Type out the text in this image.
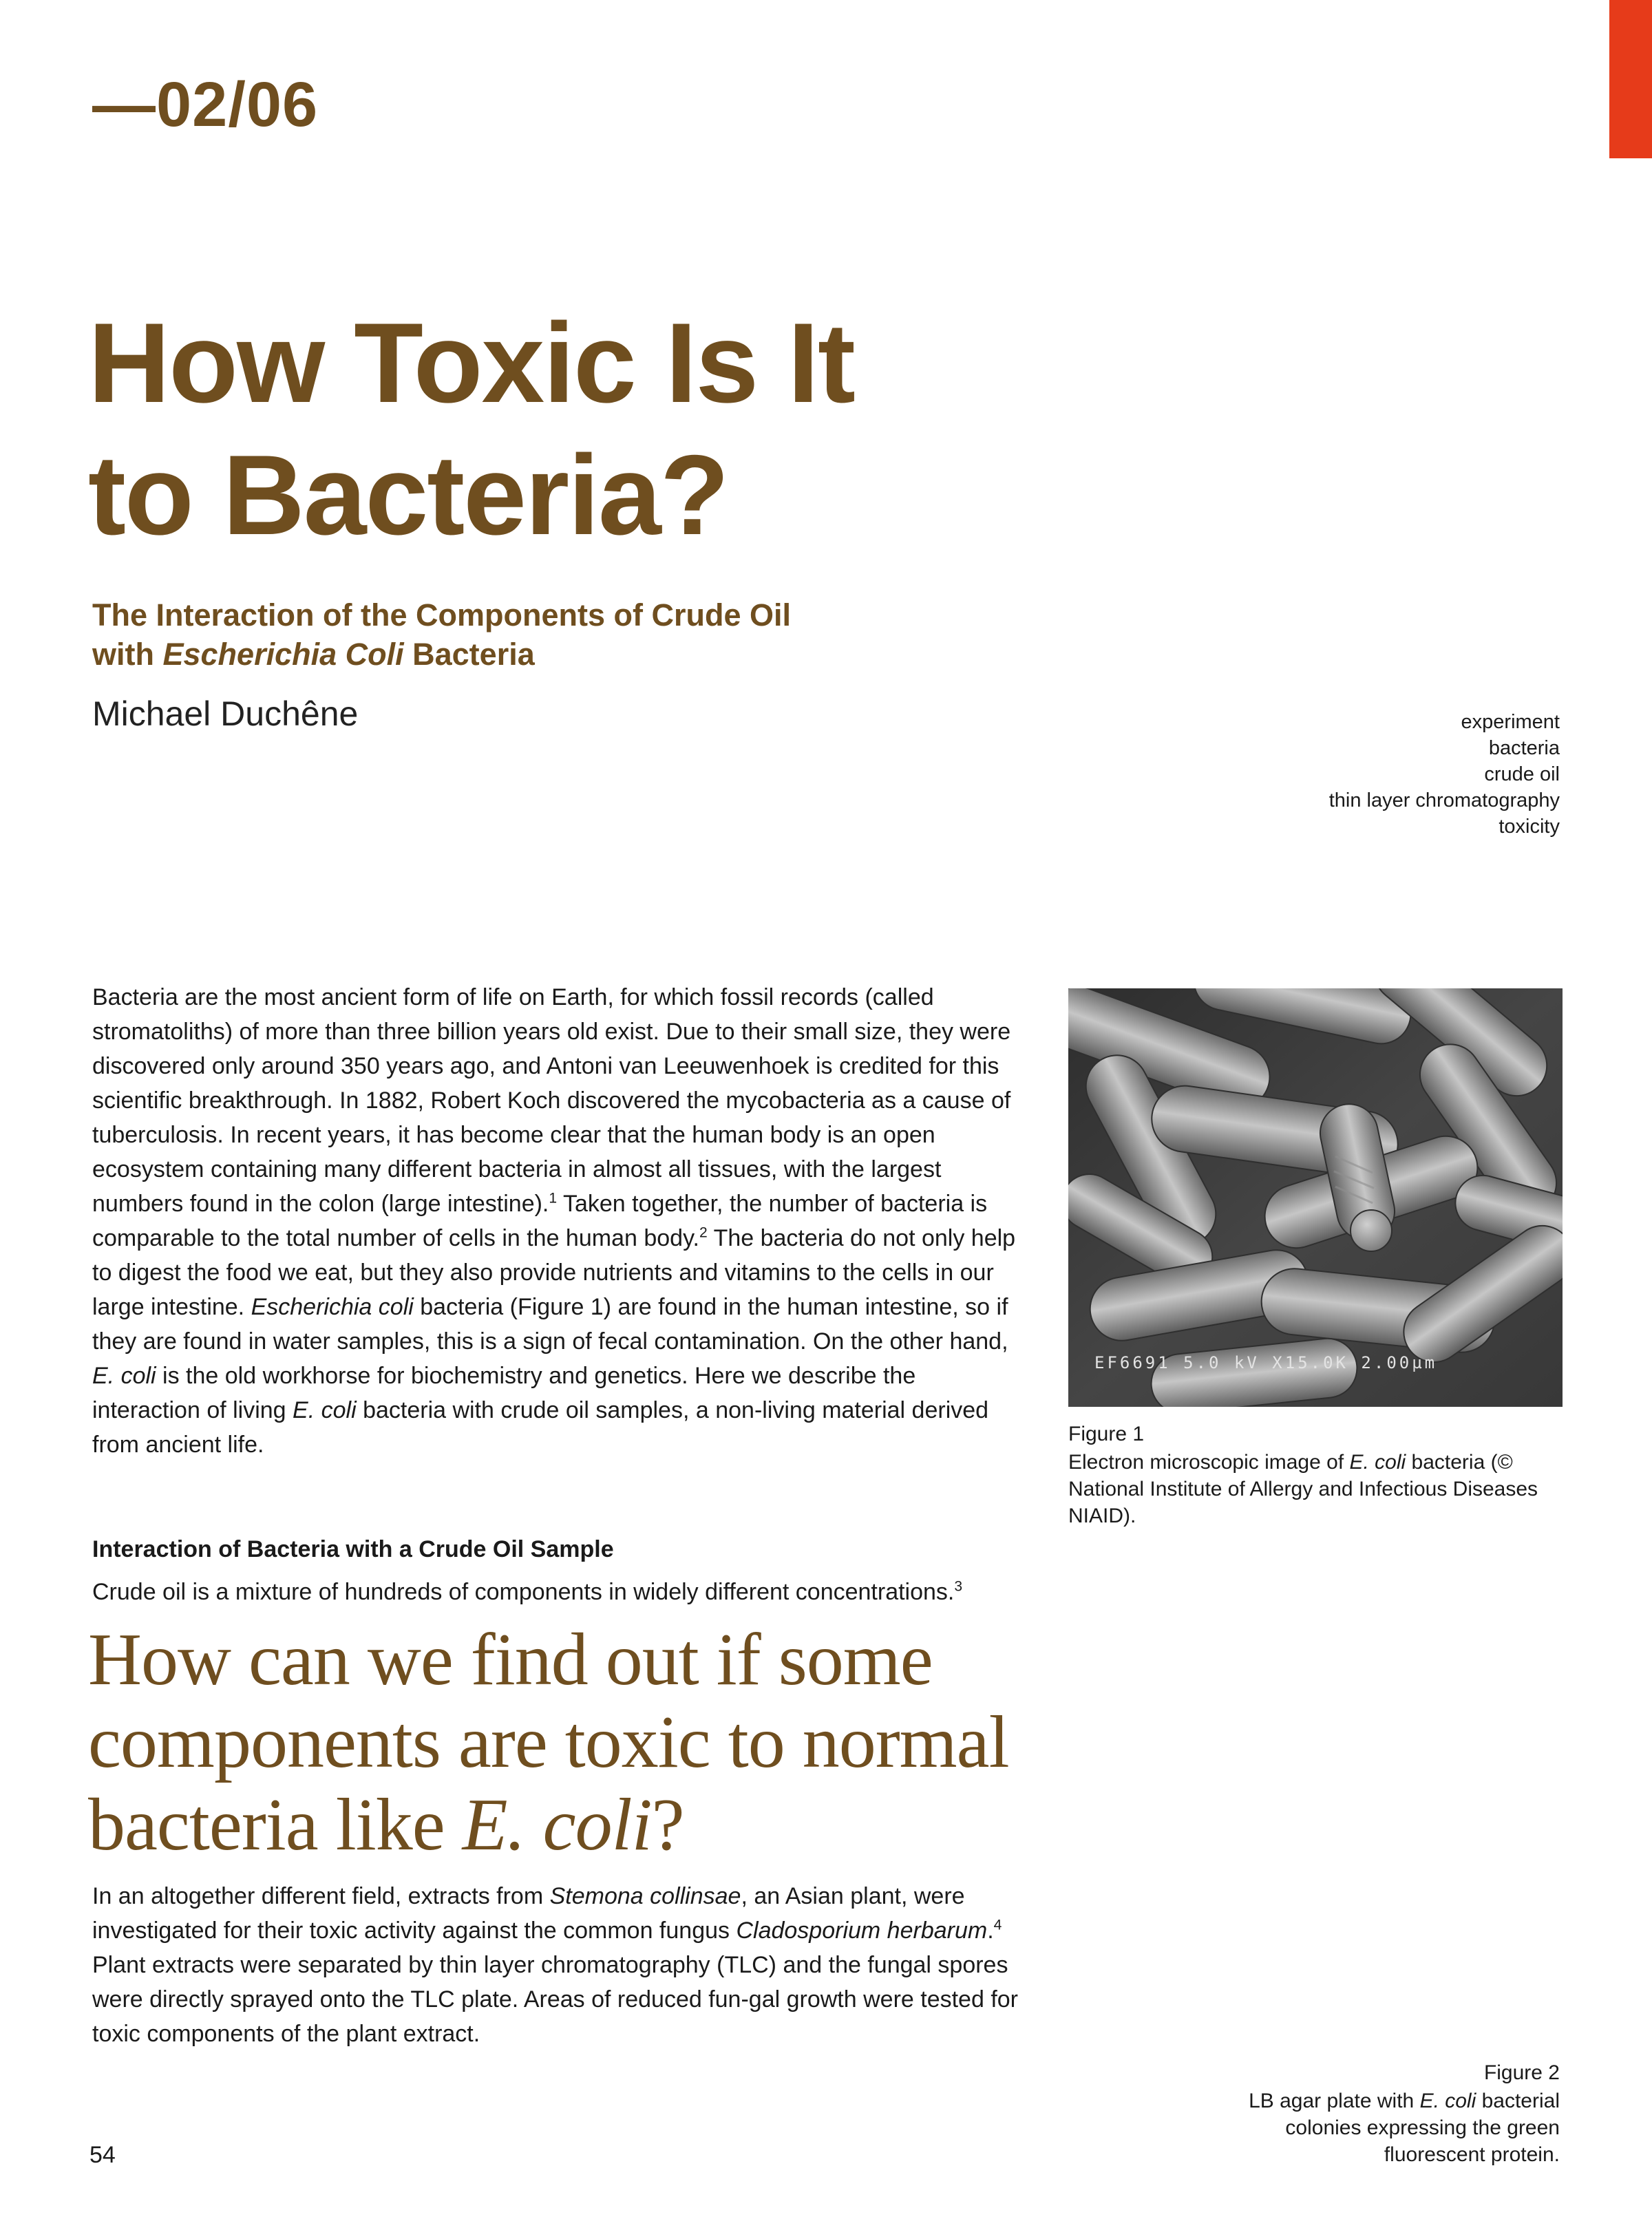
—02/06
How Toxic Is It
to Bacteria?
The Interaction of the Components of Crude Oil
with Escherichia Coli Bacteria
Michael Duchêne	experiment
bacteria
crude oil
thin layer chromatography
toxicity
Bacteria are the most ancient form of life on Earth, for which fossil records (called stromatoliths) of more than three billion years old exist. Due to their small size, they were discovered only around 350 years ago, and Antoni van Leeuwenhoek is credited for this scientific breakthrough. In 1882, Robert Koch discovered the mycobacteria as a cause of tuberculosis. In recent years, it has become clear that the human body is an open ecosystem containing many different bacteria in almost all tissues, with the largest numbers found in the colon (large intestine).$^1$ Taken together, the number of bacteria is comparable to the total number of cells in the human body.$^2$ The bacteria do not only help to digest the food we eat, but they also provide nutrients and vitamins to the cells in our large intestine. Escherichia coli bacteria (Figure 1) are found in the human intestine, so if they are found in water samples, this is a sign of fecal contamination. On the other hand, E. coli is the old workhorse for biochemistry and genetics. Here we describe the interaction of living E. coli bacteria with crude oil samples, a non-living material derived from ancient life.
EF6691 5.0 kV X15.0K 2.00µm
Figure 1
Electron microscopic image of E. coli bacteria (© National Institute of Allergy and Infectious Diseases NIAID).
Interaction of Bacteria with a Crude Oil Sample
Crude oil is a mixture of hundreds of components in widely different concentrations.$^3$
How can we find out if some
components are toxic to normal
bacteria like E. coli?
In an altogether different field, extracts from Stemona collinsae, an Asian plant, were investigated for their toxic activity against the common fungus Cladosporium herbarum.$^4$ Plant extracts were separated by thin layer chromatography (TLC) and the fungal spores were directly sprayed onto the TLC plate. Areas of reduced fun-gal growth were tested for toxic components of the plant extract.
Figure 2
LB agar plate with E. coli bacterial
colonies expressing the green
fluorescent protein.
54
